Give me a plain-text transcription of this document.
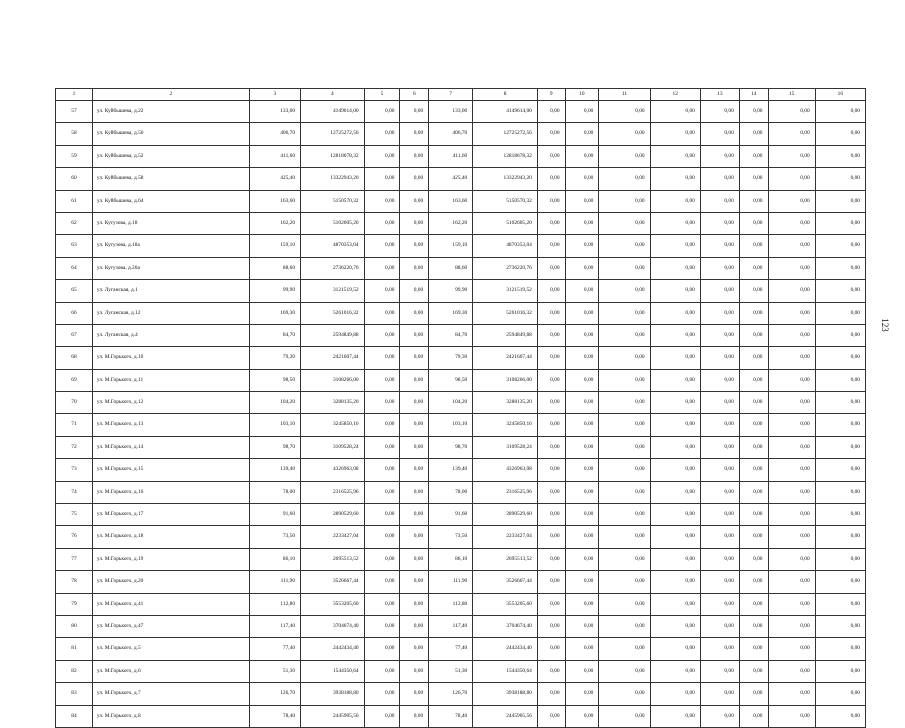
1	2	3	4	5	6	7	8	9	10	11	12	13	14	15	16
57	ул. Куйбышева, д.22	133,00	4149614,00	0,00	0,00	133,00	4149614,00	0,00	0,00	0,00	0,00	0,00	0,00	0,00	0,00
58	ул. Куйбышева, д.50	406,70	12725272,56	0,00	0,00	406,70	12725272,56	0,00	0,00	0,00	0,00	0,00	0,00	0,00	0,00
59	ул. Куйбышева, д.52	411,60	12818678,32	0,00	0,00	411,60	12818678,32	0,00	0,00	0,00	0,00	0,00	0,00	0,00	0,00
60	ул. Куйбышева, д.58	425,40	13322943,20	0,00	0,00	425,40	13322943,20	0,00	0,00	0,00	0,00	0,00	0,00	0,00	0,00
61	ул. Куйбышева, д.64	163,60	5150570,32	0,00	0,00	163,60	5150570,32	0,00	0,00	0,00	0,00	0,00	0,00	0,00	0,00
62	ул. Кутузова, д.18	162,20	5102605,20	0,00	0,00	162,20	5102605,20	0,00	0,00	0,00	0,00	0,00	0,00	0,00	0,00
63	ул. Кутузова, д.18а	159,10	4870353,04	0,00	0,00	159,10	4870353,04	0,00	0,00	0,00	0,00	0,00	0,00	0,00	0,00
64	ул. Кутузова, д.20а	88,60	2736220,76	0,00	0,00	88,60	2736220,76	0,00	0,00	0,00	0,00	0,00	0,00	0,00	0,00
65	ул. Луганская, д.1	99,90	3121519,52	0,00	0,00	99,90	3121519,52	0,00	0,00	0,00	0,00	0,00	0,00	0,00	0,00
66	ул. Луганская, д.12	169,30	5261016,32	0,00	0,00	169,30	5261016,32	0,00	0,00	0,00	0,00	0,00	0,00	0,00	0,00
67	ул. Луганская, д.4	84,70	2594849,88	0,00	0,00	84,70	2594849,88	0,00	0,00	0,00	0,00	0,00	0,00	0,00	0,00
68	ул. М.Горького, д.10	79,30	2421607,44	0,00	0,00	79,30	2421607,44	0,00	0,00	0,00	0,00	0,00	0,00	0,00	0,00
69	ул. М.Горького, д.11	98,50	3108266,00	0,00	0,00	98,50	3108266,00	0,00	0,00	0,00	0,00	0,00	0,00	0,00	0,00
70	ул. М.Горького, д.12	104,20	3288135,20	0,00	0,00	104,20	3288135,20	0,00	0,00	0,00	0,00	0,00	0,00	0,00	0,00
71	ул. М.Горького, д.13	103,10	3245850,16	0,00	0,00	103,10	3245850,16	0,00	0,00	0,00	0,00	0,00	0,00	0,00	0,00
72	ул. М.Горького, д.14	98,70	3109528,24	0,00	0,00	98,70	3109528,24	0,00	0,00	0,00	0,00	0,00	0,00	0,00	0,00
73	ул. М.Горького, д.15	139,40	4326963,08	0,00	0,00	139,40	4326963,08	0,00	0,00	0,00	0,00	0,00	0,00	0,00	0,00
74	ул. М.Горького, д.16	78,00	2316525,96	0,00	0,00	78,00	2316525,96	0,00	0,00	0,00	0,00	0,00	0,00	0,00	0,00
75	ул. М.Горького, д.17	91,60	2890529,60	0,00	0,00	91,60	2890529,60	0,00	0,00	0,00	0,00	0,00	0,00	0,00	0,00
76	ул. М.Горького, д.18	73,50	2233427,04	0,00	0,00	73,50	2233427,04	0,00	0,00	0,00	0,00	0,00	0,00	0,00	0,00
77	ул. М.Горького, д.19	86,10	2695513,52	0,00	0,00	86,10	2695513,52	0,00	0,00	0,00	0,00	0,00	0,00	0,00	0,00
78	ул. М.Горького, д.20	111,90	3526667,44	0,00	0,00	111,90	3526667,44	0,00	0,00	0,00	0,00	0,00	0,00	0,00	0,00
79	ул. М.Горького, д.41	112,80	3553205,60	0,00	0,00	112,80	3553205,60	0,00	0,00	0,00	0,00	0,00	0,00	0,00	0,00
80	ул. М.Горького, д.47	117,40	3704674,40	0,00	0,00	117,40	3704674,40	0,00	0,00	0,00	0,00	0,00	0,00	0,00	0,00
81	ул. М.Горького, д.5	77,40	2442434,40	0,00	0,00	77,40	2442434,40	0,00	0,00	0,00	0,00	0,00	0,00	0,00	0,00
82	ул. М.Горького, д.6	51,30	1544350,64	0,00	0,00	51,30	1544350,64	0,00	0,00	0,00	0,00	0,00	0,00	0,00	0,00
83	ул. М.Горького, д.7	126,70	3938188,80	0,00	0,00	126,70	3938188,80	0,00	0,00	0,00	0,00	0,00	0,00	0,00	0,00
84	ул. М.Горького, д.8	78,40	2445905,56	0,00	0,00	78,40	2445905,56	0,00	0,00	0,00	0,00	0,00	0,00	0,00	0,00
123
